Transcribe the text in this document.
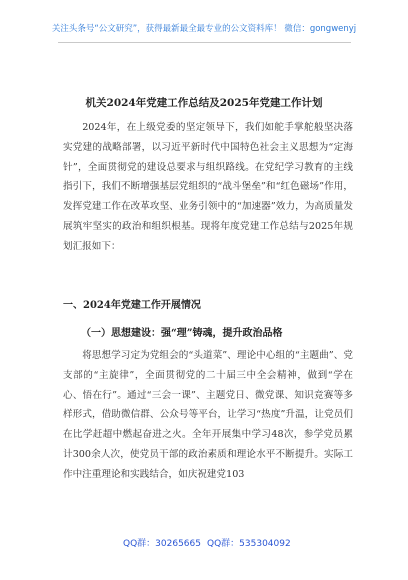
关注头条号“公文研究”，获得最新最全最专业的公文资料库！ 微信：gongwenyj
机关2024年党建工作总结及2025年党建工作计划

2024年，在上级党委的坚定领导下，我们如舵手掌舵般坚决落实党建的战略部署，以习近平新时代中国特色社会主义思想为“定海针”，全面贯彻党的建设总要求与组织路线。在党纪学习教育的主线指引下，我们不断增强基层党组织的“战斗堡垒”和“红色磁场”作用，发挥党建工作在改革攻坚、业务引领中的“加速器”效力，为高质量发展筑牢坚实的政治和组织根基。现将年度党建工作总结与2025年规划汇报如下：

一、2024年党建工作开展情况
（一）思想建设：强“理”铸魂，提升政治品格

将思想学习定为党组会的“头道菜”、理论中心组的“主题曲”、党支部的“主旋律”，全面贯彻党的二十届三中全会精神，做到“学在心、悟在行”。通过“三会一课”、主题党日、微党课、知识竞赛等多样形式，借助微信群、公众号等平台，让学习“热度”升温，让党员们在比学赶超中燃起奋进之火。全年开展集中学习48次，参学党员累计300余人次，使党员干部的政治素质和理论水平不断提升。实际工作中注重理论和实践结合，如庆祝建党103

QQ群：30265665 QQ群：535304092
